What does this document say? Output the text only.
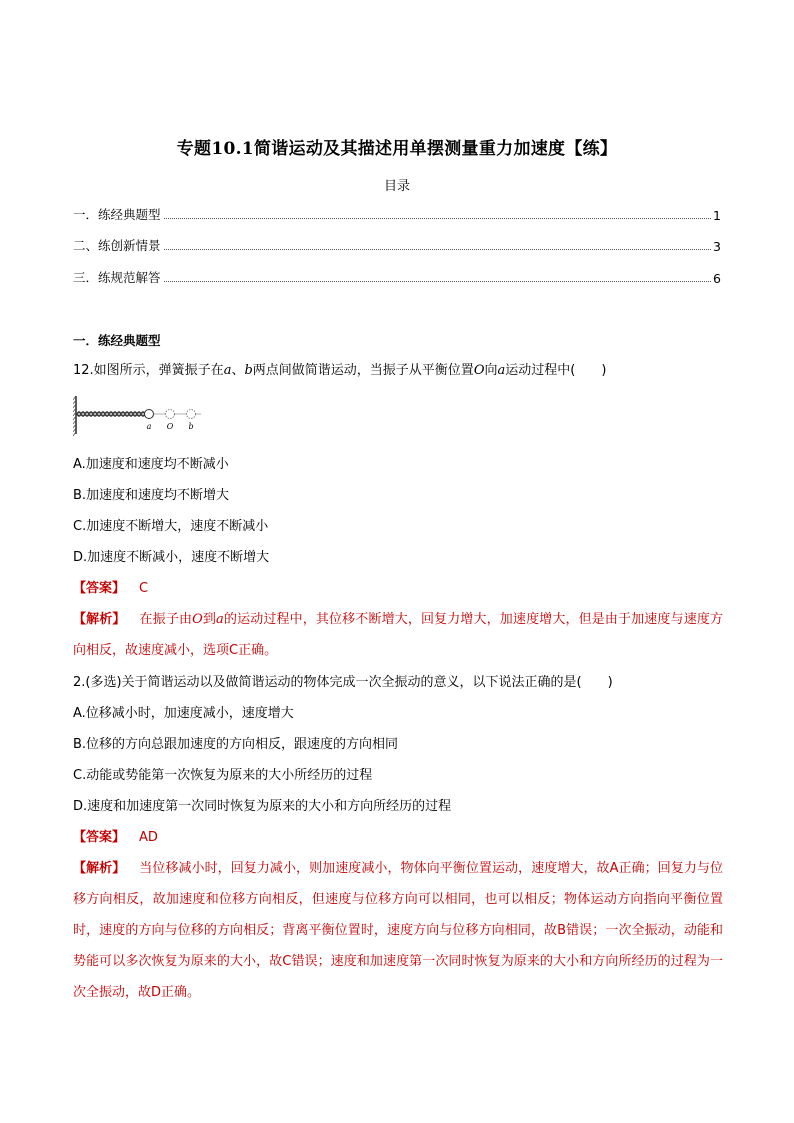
专题10.1简谐运动及其描述用单摆测量重力加速度【练】
目录
一．练经典题型	1
二、练创新情景	3
三．练规范解答	6
一．练经典题型
12.如图所示，弹簧振子在a、b两点间做简谐运动，当振子从平衡位置O向a运动过程中(　　)
a O b
A.加速度和速度均不断减小
B.加速度和速度均不断增大
C.加速度不断增大，速度不断减小
D.加速度不断减小，速度不断增大
【答案】 C
【解析】 在振子由O到a的运动过程中，其位移不断增大，回复力增大，加速度增大，但是由于加速度与速度方向相反，故速度减小，选项C正确。
2.(多选)关于简谐运动以及做简谐运动的物体完成一次全振动的意义，以下说法正确的是(　　)
A.位移减小时，加速度减小，速度增大
B.位移的方向总跟加速度的方向相反，跟速度的方向相同
C.动能或势能第一次恢复为原来的大小所经历的过程
D.速度和加速度第一次同时恢复为原来的大小和方向所经历的过程
【答案】 AD
【解析】 当位移减小时，回复力减小，则加速度减小，物体向平衡位置运动，速度增大，故A正确；回复力与位移方向相反，故加速度和位移方向相反，但速度与位移方向可以相同，也可以相反；物体运动方向指向平衡位置时，速度的方向与位移的方向相反；背离平衡位置时，速度方向与位移方向相同，故B错误；一次全振动，动能和势能可以多次恢复为原来的大小，故C错误；速度和加速度第一次同时恢复为原来的大小和方向所经历的过程为一次全振动，故D正确。
